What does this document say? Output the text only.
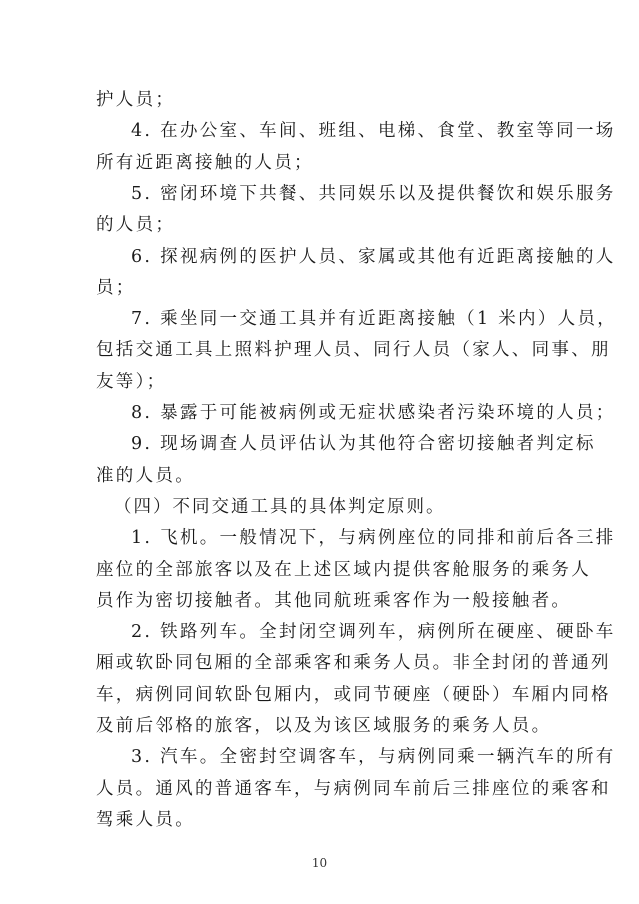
护人员；
4. 在办公室、车间、班组、电梯、食堂、教室等同一场
所有近距离接触的人员；
5. 密闭环境下共餐、共同娱乐以及提供餐饮和娱乐服务
的人员；
6. 探视病例的医护人员、家属或其他有近距离接触的人
员；
7. 乘坐同一交通工具并有近距离接触（1 米内）人员，
包括交通工具上照料护理人员、同行人员（家人、同事、朋
友等）；
8. 暴露于可能被病例或无症状感染者污染环境的人员；
9. 现场调查人员评估认为其他符合密切接触者判定标
准的人员。
（四）不同交通工具的具体判定原则。
1. 飞机。一般情况下，与病例座位的同排和前后各三排
座位的全部旅客以及在上述区域内提供客舱服务的乘务人
员作为密切接触者。其他同航班乘客作为一般接触者。
2. 铁路列车。全封闭空调列车，病例所在硬座、硬卧车
厢或软卧同包厢的全部乘客和乘务人员。非全封闭的普通列
车，病例同间软卧包厢内，或同节硬座（硬卧）车厢内同格
及前后邻格的旅客，以及为该区域服务的乘务人员。
3. 汽车。全密封空调客车，与病例同乘一辆汽车的所有
人员。通风的普通客车，与病例同车前后三排座位的乘客和
驾乘人员。
10
